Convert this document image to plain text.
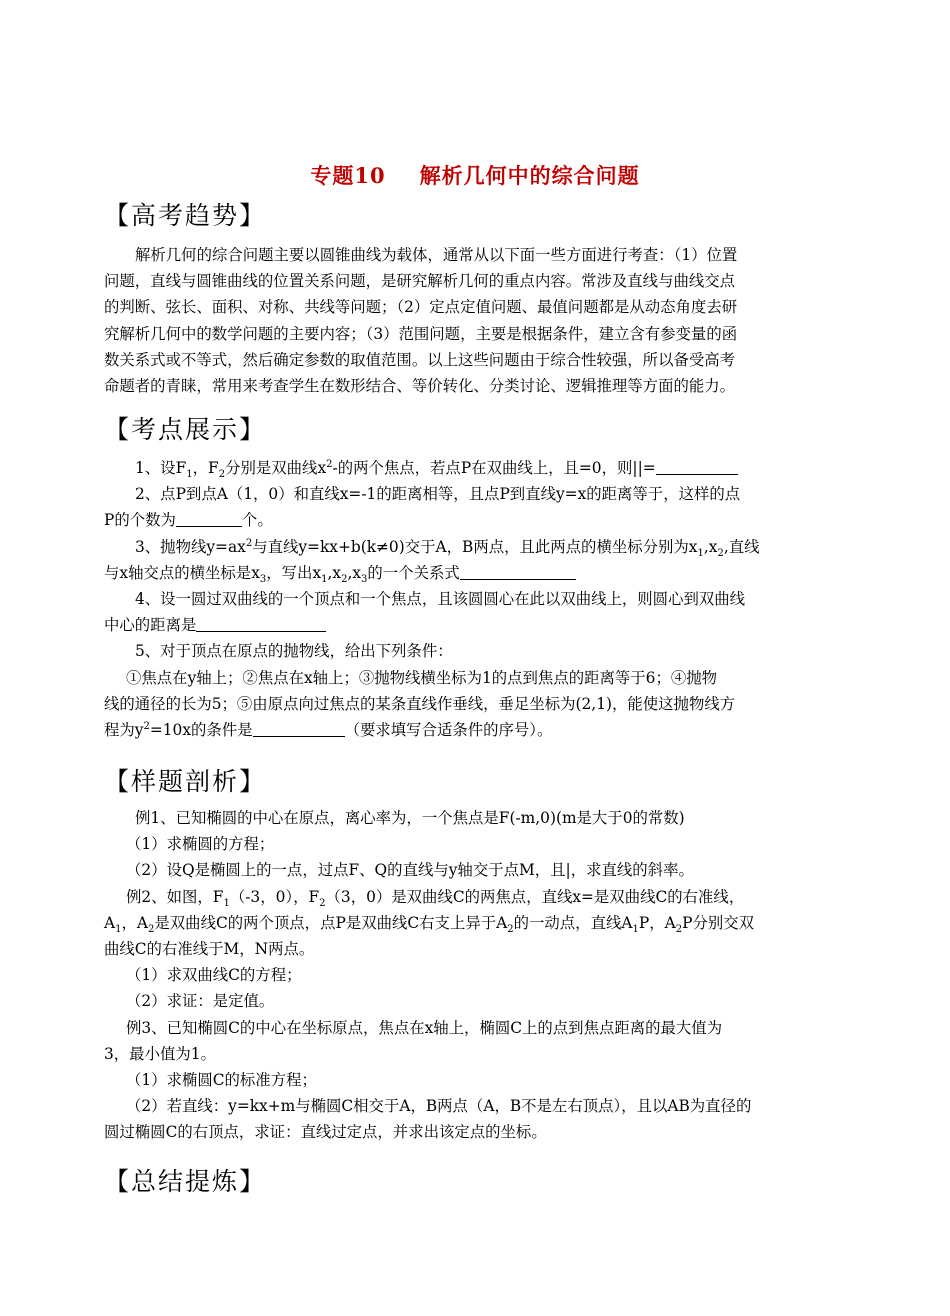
专题10 解析几何中的综合问题
【高考趋势】
解析几何的综合问题主要以圆锥曲线为载体，通常从以下面一些方面进行考查：（1）位置
问题，直线与圆锥曲线的位置关系问题，是研究解析几何的重点内容。常涉及直线与曲线交点
的判断、弦长、面积、对称、共线等问题；（2）定点定值问题、最值问题都是从动态角度去研
究解析几何中的数学问题的主要内容；（3）范围问题，主要是根据条件，建立含有参变量的函
数关系式或不等式，然后确定参数的取值范围。以上这些问题由于综合性较强，所以备受高考
命题者的青睐，常用来考查学生在数形结合、等价转化、分类讨论、逻辑推理等方面的能力。
【考点展示】
1、设$F_1$，$F_2$分别是双曲线$x^2-$的两个焦点，若点P在双曲线上，且=0，则||=
2、点P到点A（1，0）和直线x=-1的距离相等，且点P到直线y=x的距离等于，这样的点
P的个数为	个。
3、抛物线$y=ax^2$与直线y=kx+b(k≠0)交于A，B两点，且此两点的横坐标分别为$x_1,x_2$,直线
与x轴交点的横坐标是$x_3$，写出$x_1,x_2,x_3$的一个关系式
4、设一圆过双曲线的一个顶点和一个焦点，且该圆圆心在此以双曲线上，则圆心到双曲线
中心的距离是
5、对于顶点在原点的抛物线，给出下列条件：
①焦点在y轴上；②焦点在x轴上；③抛物线横坐标为1的点到焦点的距离等于6；④抛物
线的通径的长为5；⑤由原点向过焦点的某条直线作垂线，垂足坐标为(2,1)，能使这抛物线方
程为$y^2=10x$的条件是	（要求填写合适条件的序号）。
【样题剖析】
例1、已知椭圆的中心在原点，离心率为，一个焦点是F(-m,0)(m是大于0的常数)
（1）求椭圆的方程；
（2）设Q是椭圆上的一点，过点F、Q的直线与y轴交于点M，且|，求直线的斜率。
例2、如图，$F_1(-3$，0），$F_2(3$，0）是双曲线C的两焦点，直线x=是双曲线C的右准线，
$A_1$，$A_2$是双曲线C的两个顶点，点P是双曲线C右支上异于$A_2$的一动点，直线$A_1P$，$A_2P$分别交双
曲线C的右准线于M，N两点。
（1）求双曲线C的方程；
（2）求证：是定值。
例3、已知椭圆C的中心在坐标原点，焦点在x轴上，椭圆C上的点到焦点距离的最大值为
3，最小值为1。
（1）求椭圆C的标准方程；
（2）若直线：y=kx+m与椭圆C相交于A，B两点（A，B不是左右顶点），且以AB为直径的
圆过椭圆C的右顶点，求证：直线过定点，并求出该定点的坐标。
【总结提炼】
